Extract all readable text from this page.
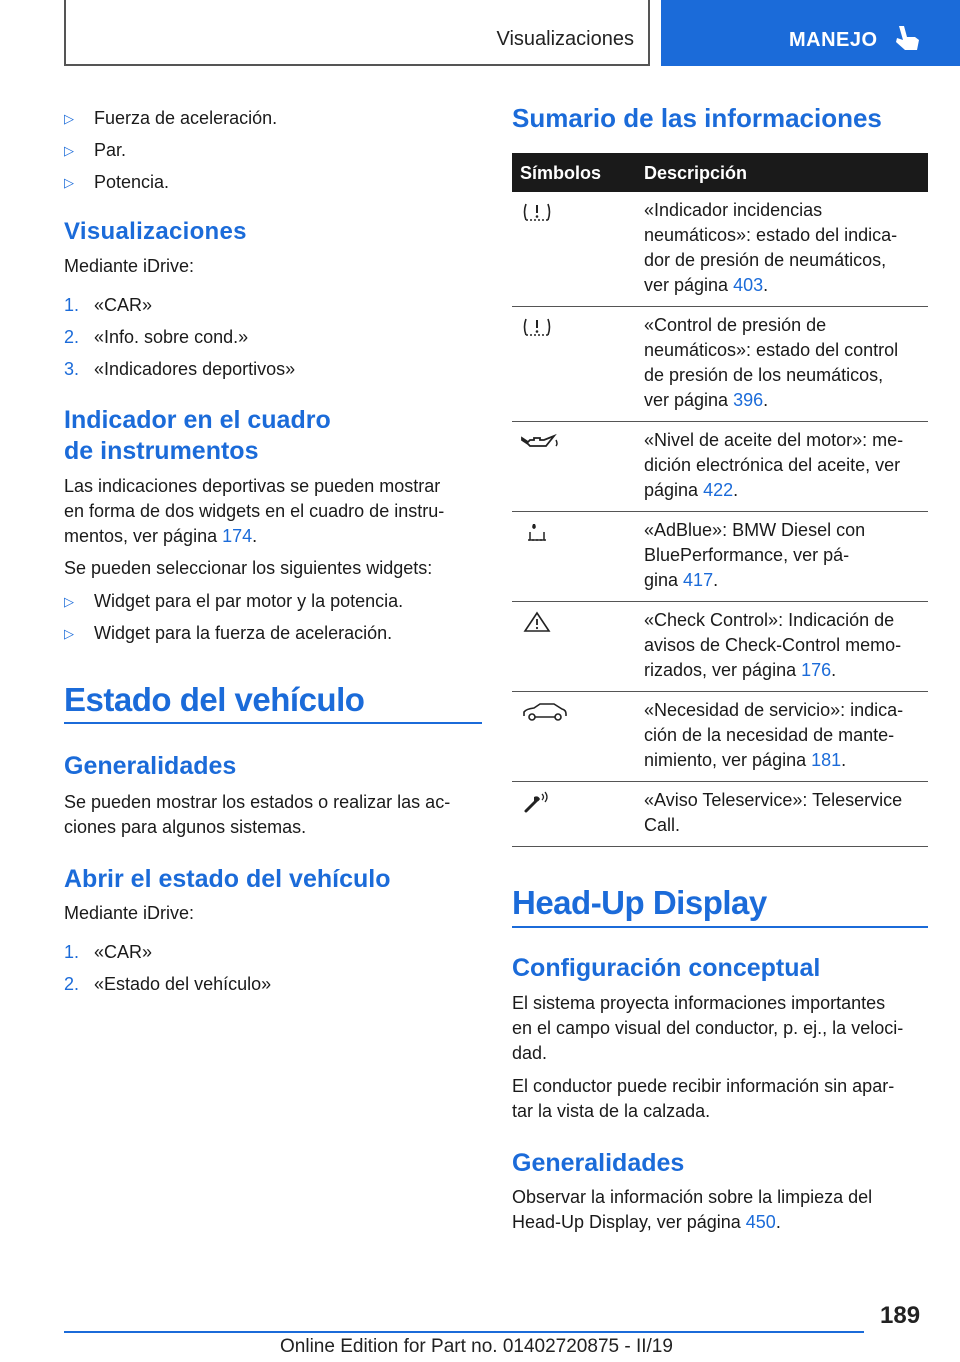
Visualizaciones	MANEJO
▷ Fuerza de aceleración.
▷ Par.
▷ Potencia.
Visualizaciones
Mediante iDrive:
1. «CAR»
2. «Info. sobre cond.»
3. «Indicadores deportivos»
Indicador en el cuadro
de instrumentos
Las indicaciones deportivas se pueden mostrar
en forma de dos widgets en el cuadro de instru‐
mentos, ver página 174.
Se pueden seleccionar los siguientes widgets:
▷ Widget para el par motor y la potencia.
▷ Widget para la fuerza de aceleración.
Estado del vehículo
Generalidades
Se pueden mostrar los estados o realizar las ac‐
ciones para algunos sistemas.
Abrir el estado del vehículo
Mediante iDrive:
1. «CAR»
2. «Estado del vehículo»
Sumario de las informaciones
Símbolos Descripción
«Indicador incidencias
neumáticos»: estado del indica‐
dor de presión de neumáticos,
ver página 403.
«Control de presión de
neumáticos»: estado del control
de presión de los neumáticos,
ver página 396.
«Nivel de aceite del motor»: me‐
dición electrónica del aceite, ver
página 422.
«AdBlue»: BMW Diesel con
BluePerformance, ver pá‐
gina 417.
«Check Control»: Indicación de
avisos de Check-Control memo‐
rizados, ver página 176.
«Necesidad de servicio»: indica‐
ción de la necesidad de mante‐
nimiento, ver página 181.
«Aviso Teleservice»: Teleservice
Call.
Head-Up Display
Configuración conceptual
El sistema proyecta informaciones importantes
en el campo visual del conductor, p. ej., la veloci‐
dad.
El conductor puede recibir información sin apar‐
tar la vista de la calzada.
Generalidades
Observar la información sobre la limpieza del
Head-Up Display, ver página 450.
189
Online Edition for Part no. 01402720875 - II/19
